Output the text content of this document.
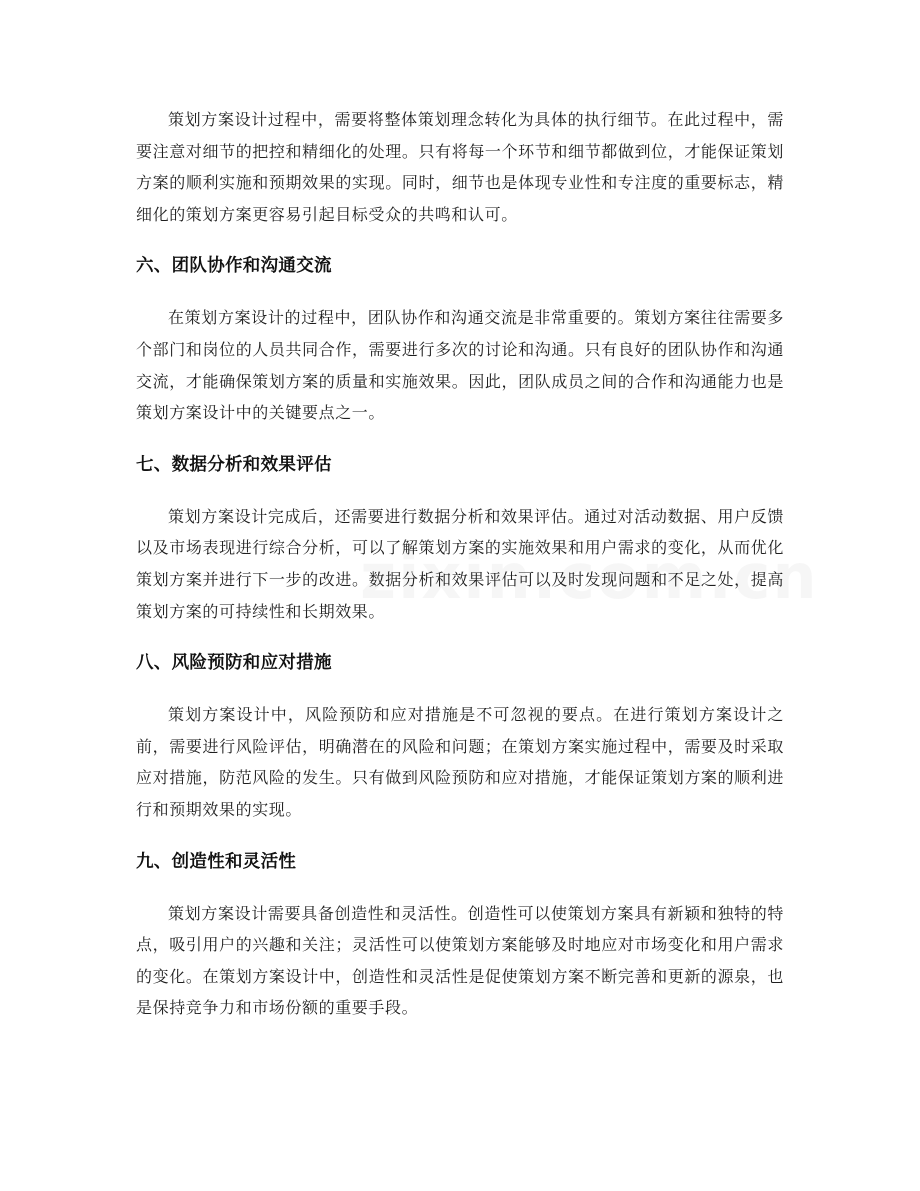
策划方案设计过程中，需要将整体策划理念转化为具体的执行细节。在此过程中，需要注意对细节的把控和精细化的处理。只有将每一个环节和细节都做到位，才能保证策划方案的顺利实施和预期效果的实现。同时，细节也是体现专业性和专注度的重要标志，精细化的策划方案更容易引起目标受众的共鸣和认可。

六、团队协作和沟通交流

在策划方案设计的过程中，团队协作和沟通交流是非常重要的。策划方案往往需要多个部门和岗位的人员共同合作，需要进行多次的讨论和沟通。只有良好的团队协作和沟通交流，才能确保策划方案的质量和实施效果。因此，团队成员之间的合作和沟通能力也是策划方案设计中的关键要点之一。

七、数据分析和效果评估

策划方案设计完成后，还需要进行数据分析和效果评估。通过对活动数据、用户反馈以及市场表现进行综合分析，可以了解策划方案的实施效果和用户需求的变化，从而优化策划方案并进行下一步的改进。数据分析和效果评估可以及时发现问题和不足之处，提高策划方案的可持续性和长期效果。

八、风险预防和应对措施

策划方案设计中，风险预防和应对措施是不可忽视的要点。在进行策划方案设计之前，需要进行风险评估，明确潜在的风险和问题；在策划方案实施过程中，需要及时采取应对措施，防范风险的发生。只有做到风险预防和应对措施，才能保证策划方案的顺利进行和预期效果的实现。

九、创造性和灵活性

策划方案设计需要具备创造性和灵活性。创造性可以使策划方案具有新颖和独特的特点，吸引用户的兴趣和关注；灵活性可以使策划方案能够及时地应对市场变化和用户需求的变化。在策划方案设计中，创造性和灵活性是促使策划方案不断完善和更新的源泉，也是保持竞争力和市场份额的重要手段。
